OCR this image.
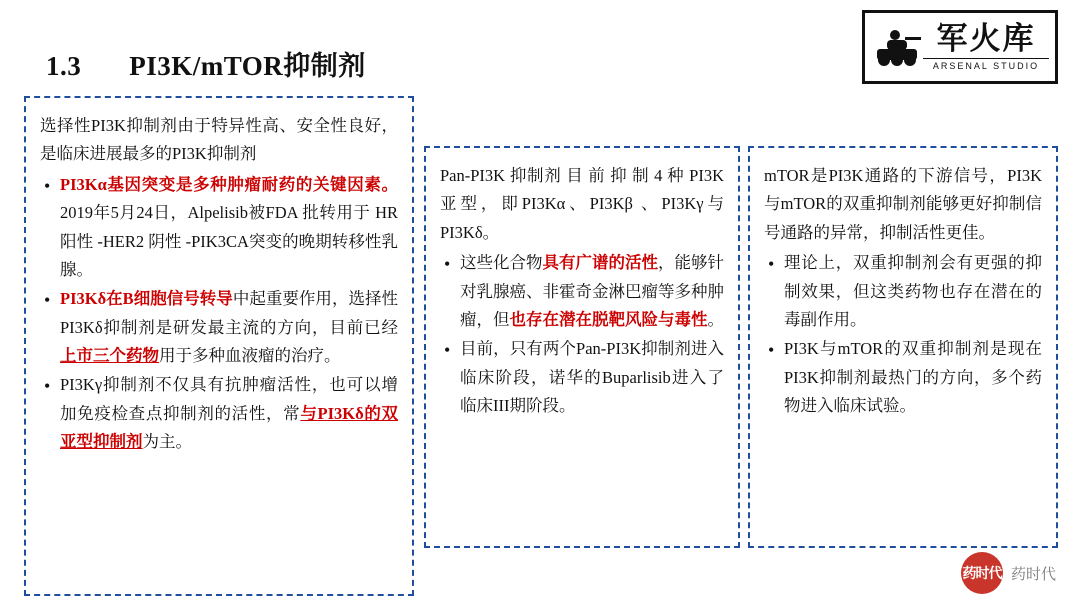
1.3 PI3K/mTOR抑制剂
军火库
ARSENAL STUDIO

选择性PI3K抑制剂由于特异性高、安全性良好，是临床进展最多的PI3K抑制剂

• PI3Kα基因突变是多种肿瘤耐药的关键因素。2019年5月24日，Alpelisib被FDA 批转用于 HR 阳性 -HER2 阴性 -PIK3CA突变的晚期转移性乳腺。
• PI3Kδ在B细胞信号转导中起重要作用，选择性PI3Kδ抑制剂是研发最主流的方向，目前已经上市三个药物用于多种血液瘤的治疗。
• PI3Kγ抑制剂不仅具有抗肿瘤活性，也可以增加免疫检查点抑制剂的活性，常与PI3Kδ的双亚型抑制剂为主。

Pan-PI3K 抑制剂 目 前 抑 制 4 种 PI3K 亚型，即PI3Kα、PI3Kβ 、PI3Kγ与 PI3Kδ。

• 这些化合物具有广谱的活性，能够针对乳腺癌、非霍奇金淋巴瘤等多种肿瘤，但也存在潜在脱靶风险与毒性。
• 目前，只有两个Pan-PI3K抑制剂进入临床阶段，诺华的Buparlisib进入了临床III期阶段。

mTOR是PI3K通路的下游信号，PI3K与mTOR的双重抑制剂能够更好抑制信号通路的异常，抑制活性更佳。

• 理论上，双重抑制剂会有更强的抑制效果，但这类药物也存在潜在的毒副作用。
• PI3K与mTOR的双重抑制剂是现在PI3K抑制剂最热门的方向，多个药物进入临床试验。
药时代 药时代
